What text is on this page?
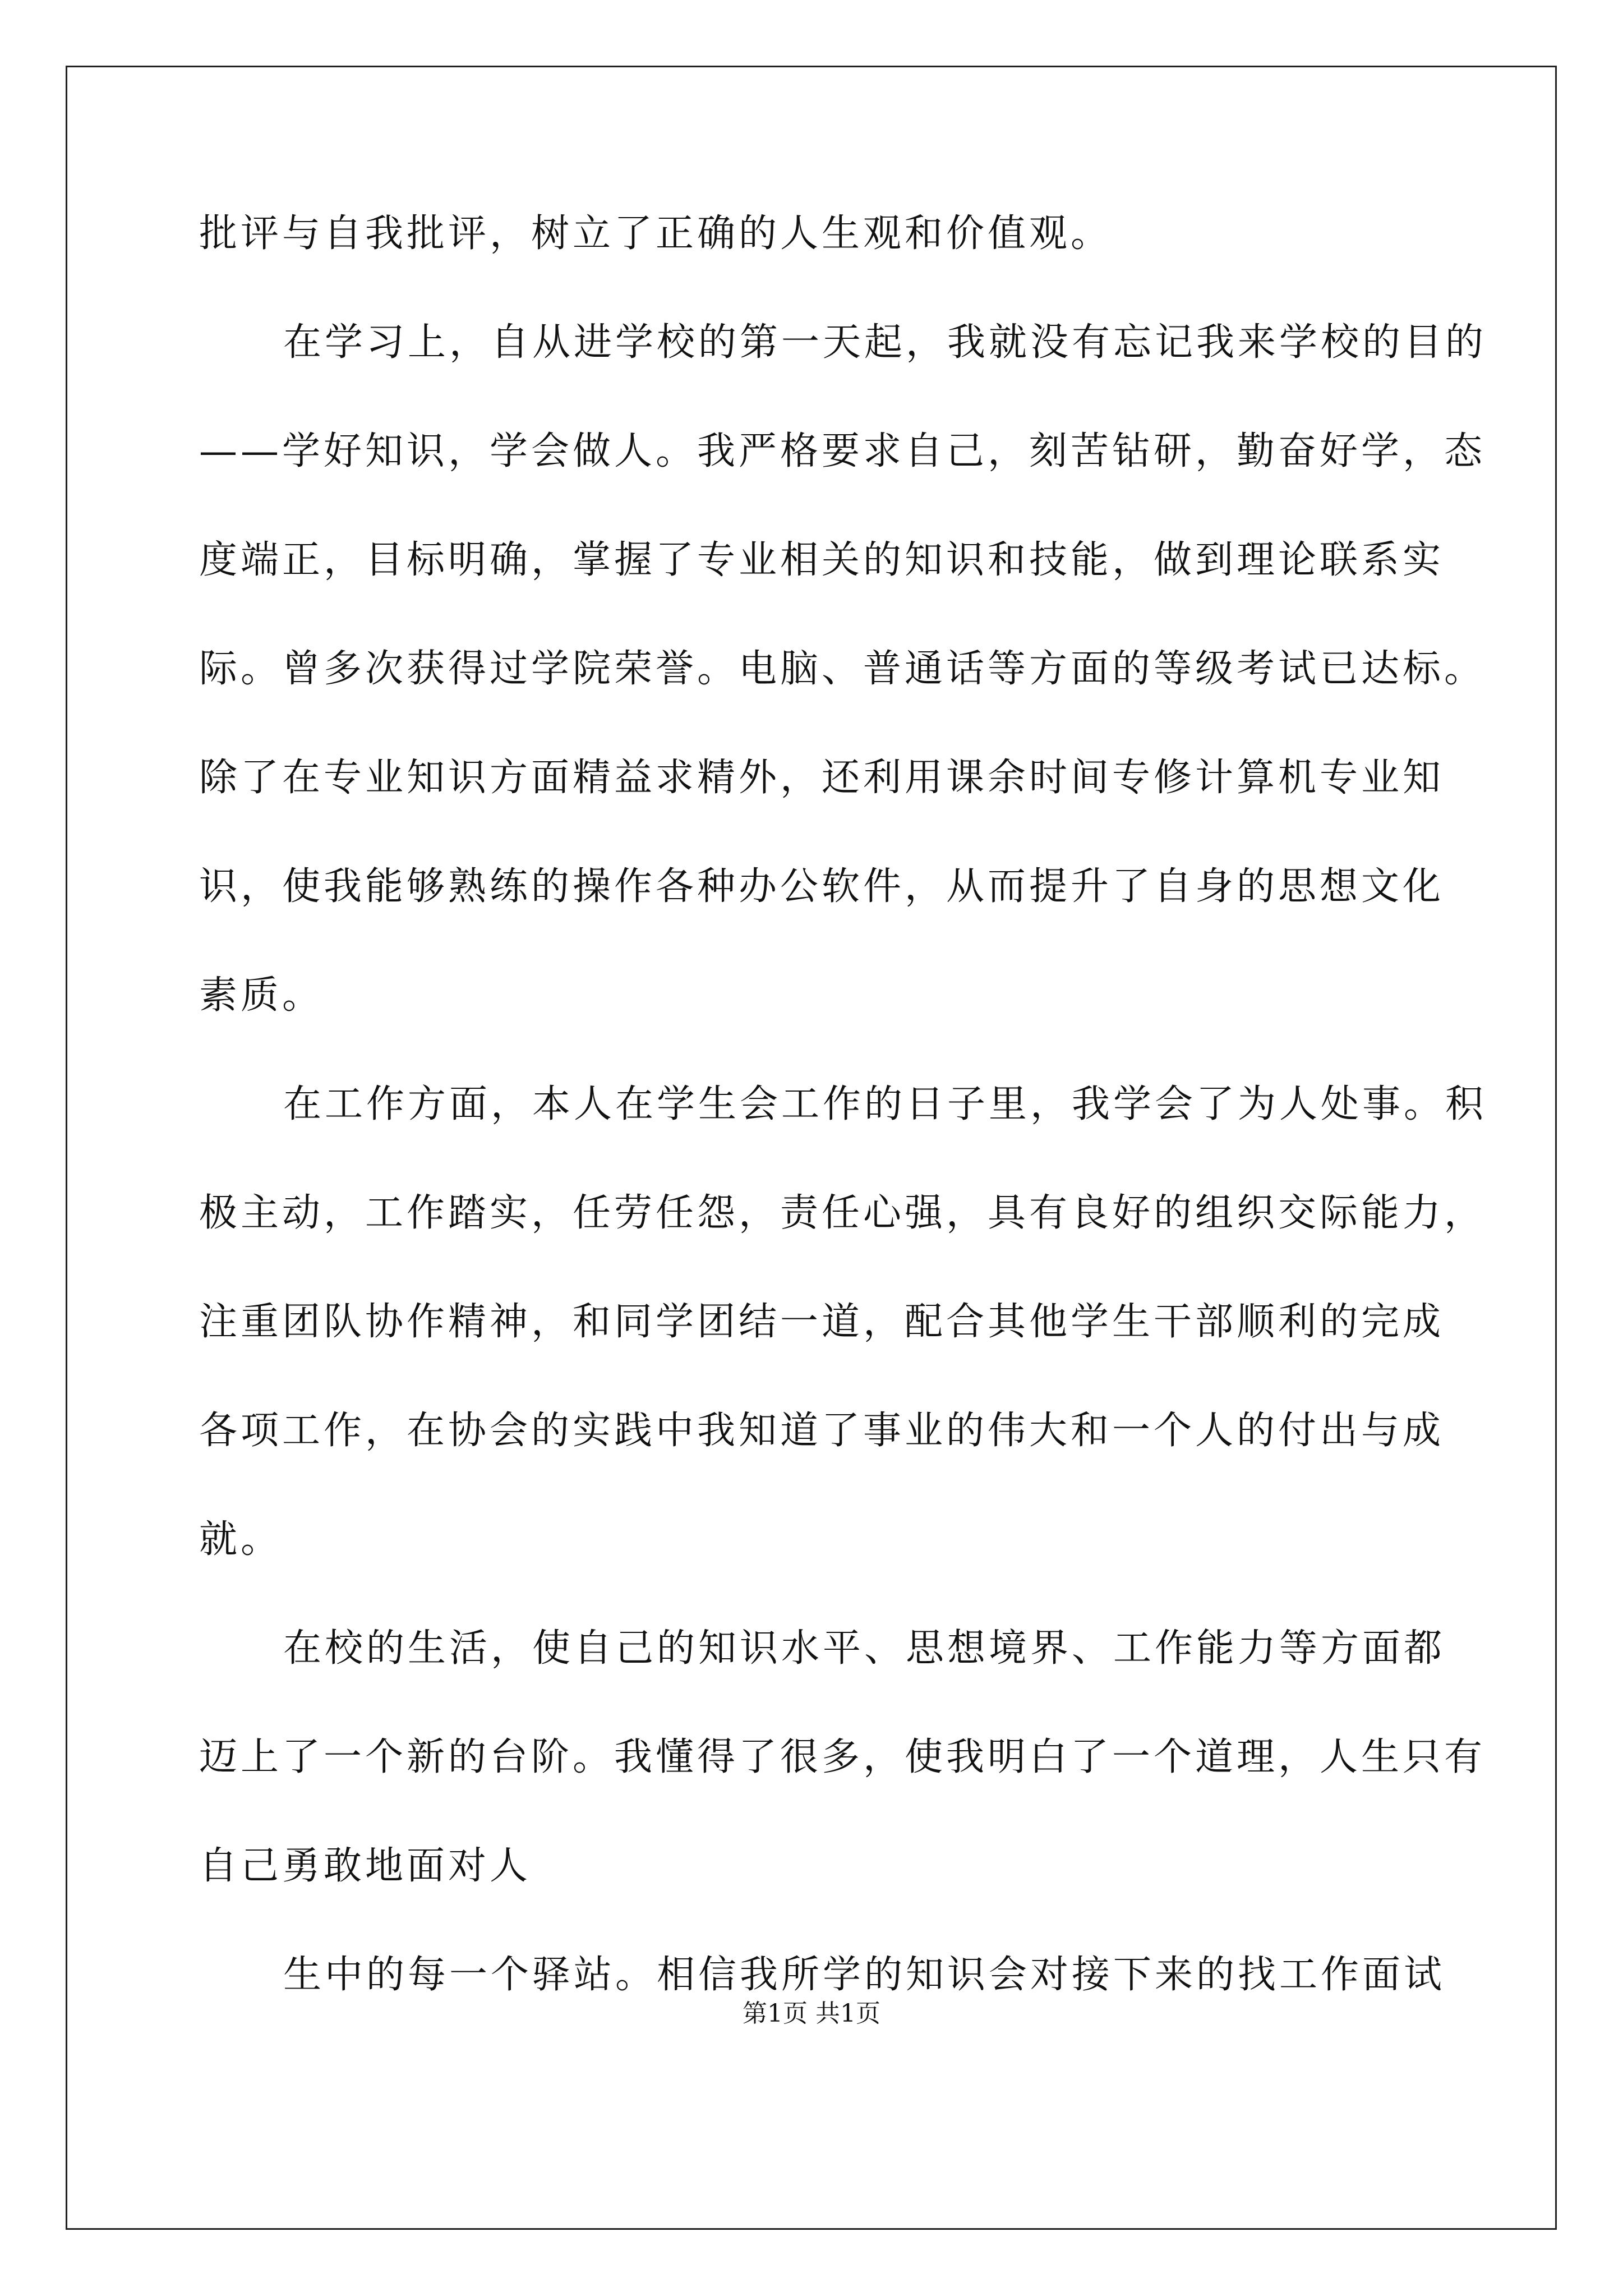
批评与自我批评，树立了正确的人生观和价值观。
在学习上，自从进学校的第一天起，我就没有忘记我来学校的目的
——学好知识，学会做人。我严格要求自己，刻苦钻研，勤奋好学，态
度端正，目标明确，掌握了专业相关的知识和技能，做到理论联系实
际。曾多次获得过学院荣誉。电脑、普通话等方面的等级考试已达标。
除了在专业知识方面精益求精外，还利用课余时间专修计算机专业知
识，使我能够熟练的操作各种办公软件，从而提升了自身的思想文化
素质。
在工作方面，本人在学生会工作的日子里，我学会了为人处事。积
极主动，工作踏实，任劳任怨，责任心强，具有良好的组织交际能力，
注重团队协作精神，和同学团结一道，配合其他学生干部顺利的完成
各项工作，在协会的实践中我知道了事业的伟大和一个人的付出与成
就。
在校的生活，使自己的知识水平、思想境界、工作能力等方面都
迈上了一个新的台阶。我懂得了很多，使我明白了一个道理，人生只有
自己勇敢地面对人
生中的每一个驿站。相信我所学的知识会对接下来的找工作面试
第1页 共1页
